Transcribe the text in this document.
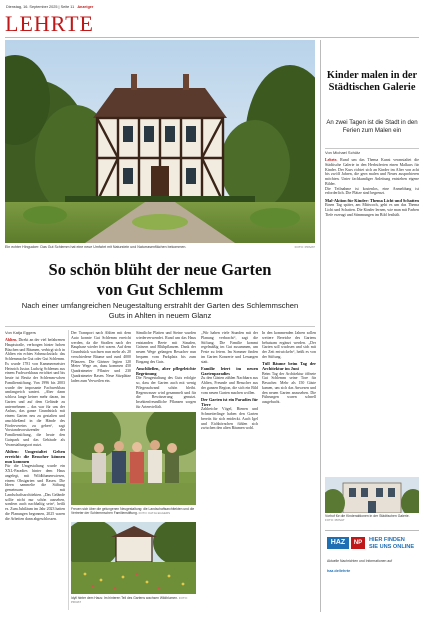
Dienstag, 16. September 2025 | Seite 11 Anzeiger
LEHRTE
Ein echter Hingucker: Das Gut Schlemm hat eine neue Umfahrt mit Naturstein und Naturrasenflächen bekommen.	FOTO: PRIVAT
So schön blüht der neue Garten von Gut Schlemm
Nach einer umfangreichen Neugestaltung erstrahlt der Garten des Schlemmschen Guts in Ahlten in neuem Glanz
Von Katja Eggers

Ahlten. Direkt an der viel befahrenen Hauptstraße, verborgen hinter hohen Büschen und Bäumen, verbirgt sich in Ahlten ein echtes Schmuckstück: das Schlemmsche Gut oder Gut Schlemm. Es wurde 1781 von Kammermeister Heinrich Justus Ludwig Schlemm aus einem Fachwerkhaus errichtet und bis heute ist Besitz der Schlemm-schen Familienstiftung. Von 1996 bis 2003 wurde der imposante Fachwerkbau umfangreich saniert. „Aber dann schloss lange keiner mehr daran, im Garten und auf dem Gelände zu unternehmen – das war für uns der Anlass, das ganze Grundstück mit einem Garten neu zu gestalten und anschließend in die Hände des Fördervereins zu geben“, sagt Vorstandsvorsitzender der Familienstiftung, die heute den Gutspark und das Gebäude als Veranstaltungsort nutzt.

Ahlten: Umgestaltet Gehen erreicht: die Besucher können nun kommen

Für die Umgestaltung wurde ein XXL-Paradies hinter dem Haus angelegt, mit Wildblumenwiesen, einem Obstgarten und Rasen. Die Ideen sammelte die Stiftung gemeinsam mit Landschaftsarchitekten. „Das Gelände sollte nicht nur schön aussehen, sondern auch nachhaltig sein“, heißt es. Zum Jubiläum im Jahr 2023 hatten die Planungen begonnen, 2025 waren die Arbeiten dann abgeschlossen.

Der Transport nach Ahlten mit dem Auto konnte Gut Schlemm erreicht werden, da die Straßen nach der Bauphase wieder frei waren. Auf dem Grundstück wachsen nun mehr als 20 verschiedene Bäume und rund 4000 Pflanzen. Die Gärtner legten 120 Meter Wege an, dazu kommen 450 Quadratmeter Pflaster und 230 Quadratmeter Rasen. Neue Sitzplätze laden zum Verweilen ein.

Sämtliche Platten und Steine wurden wiederverwendet. Rund um das Haus entstanden Beete mit Stauden, Gräsern und Blühpflanzen. Dank der neuen Wege gelangen Besucher nun bequem vom Parkplatz bis zum Eingang des Guts.

Anschließen, aber pflegeleichte Begrünung

Die Neugestaltung des Guts erfolgte so, dass der Garten auch mit wenig Pflegeaufwand schön bleibt. Regenwasser wird gesammelt und für die Bewässerung genutzt. Insektenfreundliche Pflanzen sorgen für Artenvielfalt.

Freuen sich über die gelungenen Neugestaltung: die Landschaftsarchitekten und die Vertreter der Schlemmschen Familienstiftung. FOTO: KATJA EGGERS
Idyll hinter dem Haus: Im hinteren Teil des Gartens wachsen Wildblumen. FOTO: PRIVAT

„Wir haben viele Stunden mit der Planung verbracht“, sagt die Stiftung. Die Familie kommt regelmäßig im Gut zusammen, um Feste zu feiern. Im Sommer finden im Garten Konzerte und Lesungen statt.

Familie leiert im neuen Gartenparadies

Zu den Gästen zählen Nachbarn aus Ahlten, Freunde und Besucher aus der ganzen Region, die sich ein Bild vom neuen Garten machen wollen.

Der Garten ist ein Paradies für Tiere

Zahlreiche Vögel, Bienen und Schmetterlinge haben den Garten bereits für sich entdeckt. Auch Igel und Eichhörnchen fühlen sich zwischen den alten Bäumen wohl.

In den kommenden Jahren sollen weitere Bereiche des Gartens behutsam ergänzt werden. „Der Garten soll wachsen und sich mit der Zeit entwickeln“, heißt es von der Stiftung.

Tüll Bäume beim Tag der Architektur im Juni

Beim Tag der Architektur öffnete Gut Schlemm seine Tore für Besucher. Mehr als 150 Gäste kamen, um sich das Anwesen und den neuen Garten anzusehen. Die Führungen waren schnell ausgebucht.

Kinder malen in der Städtischen Galerie
An zwei Tagen ist die Stadt in den Ferien zum Malen ein
Von Michael Schütz

Lehrte. Rund um das Thema Kunst veranstaltet die Städtische Galerie in den Herbstferien einen Malkurs für Kinder. Der Kurs richtet sich an Kinder im Alter von acht bis zwölf Jahren, die gern malen und Neues ausprobieren möchten. Unter fachkundiger Anleitung entstehen eigene Bilder.

Die Teilnahme ist kostenlos, eine Anmeldung ist erforderlich. Die Plätze sind begrenzt.

Mal-Aktion für Kinder: Thema Licht und Schatten

Einen Tag später, am Mittwoch, geht es um das Thema Licht und Schatten. Die Kinder lernen, wie man mit Farben Tiefe erzeugt und Stimmungen im Bild festhält.

Vorhof für die Kinderaktionen in der Städtischen Galerie. FOTO: PRIVAT
HAZ	NP	HIER FINDEN
SIE UNS ONLINE
Aktuelle Nachrichten und Informationen auf
haz.de/lehrte
